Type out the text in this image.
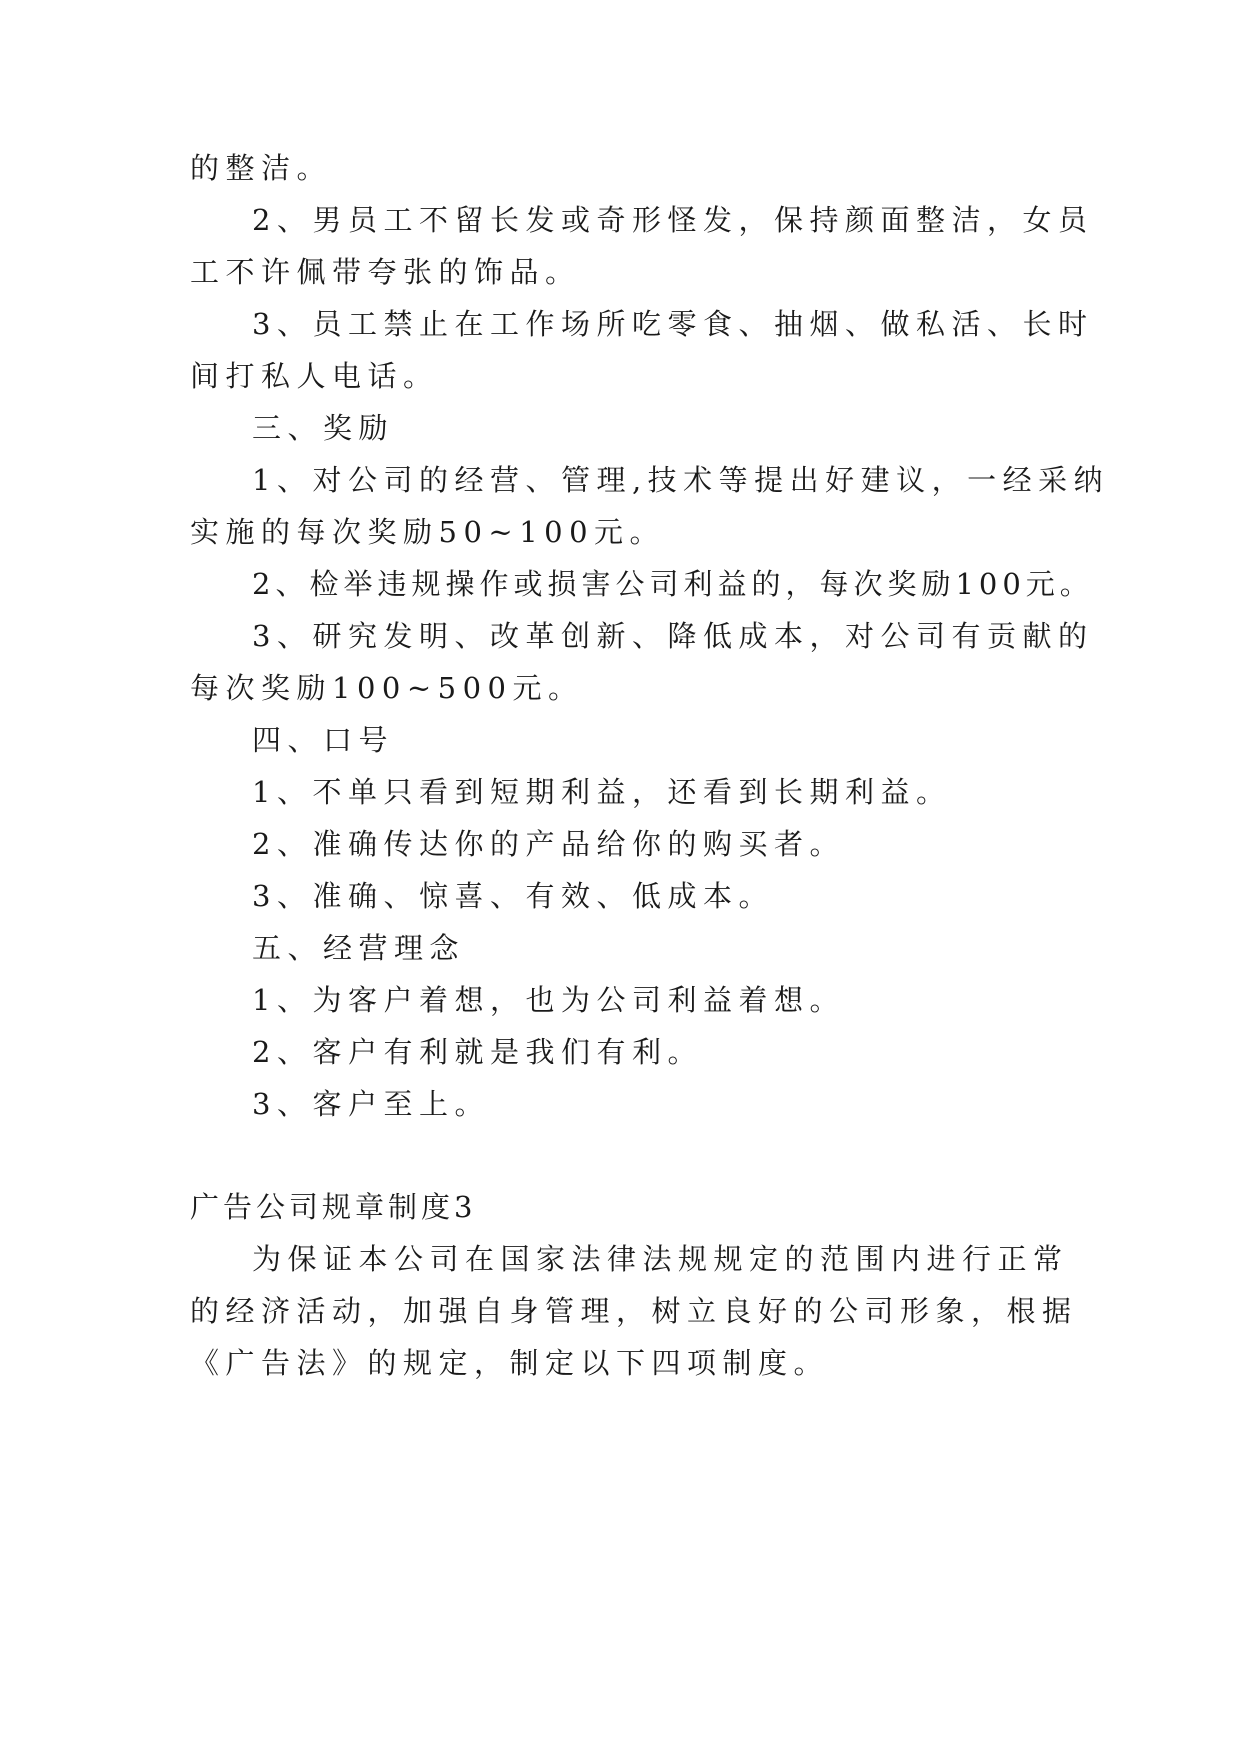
的整洁。
2、男员工不留长发或奇形怪发，保持颜面整洁，女员
工不许佩带夸张的饰品。
3、员工禁止在工作场所吃零食、抽烟、做私活、长时
间打私人电话。
三、奖励
1、对公司的经营、管理,技术等提出好建议，一经采纳
实施的每次奖励50~100元。
2、检举违规操作或损害公司利益的，每次奖励100元。
3、研究发明、改革创新、降低成本，对公司有贡献的
每次奖励100~500元。
四、口号
1、不单只看到短期利益，还看到长期利益。
2、准确传达你的产品给你的购买者。
3、准确、惊喜、有效、低成本。
五、经营理念
1、为客户着想，也为公司利益着想。
2、客户有利就是我们有利。
3、客户至上。
广告公司规章制度3
为保证本公司在国家法律法规规定的范围内进行正常
的经济活动，加强自身管理，树立良好的公司形象，根据
《广告法》的规定，制定以下四项制度。
